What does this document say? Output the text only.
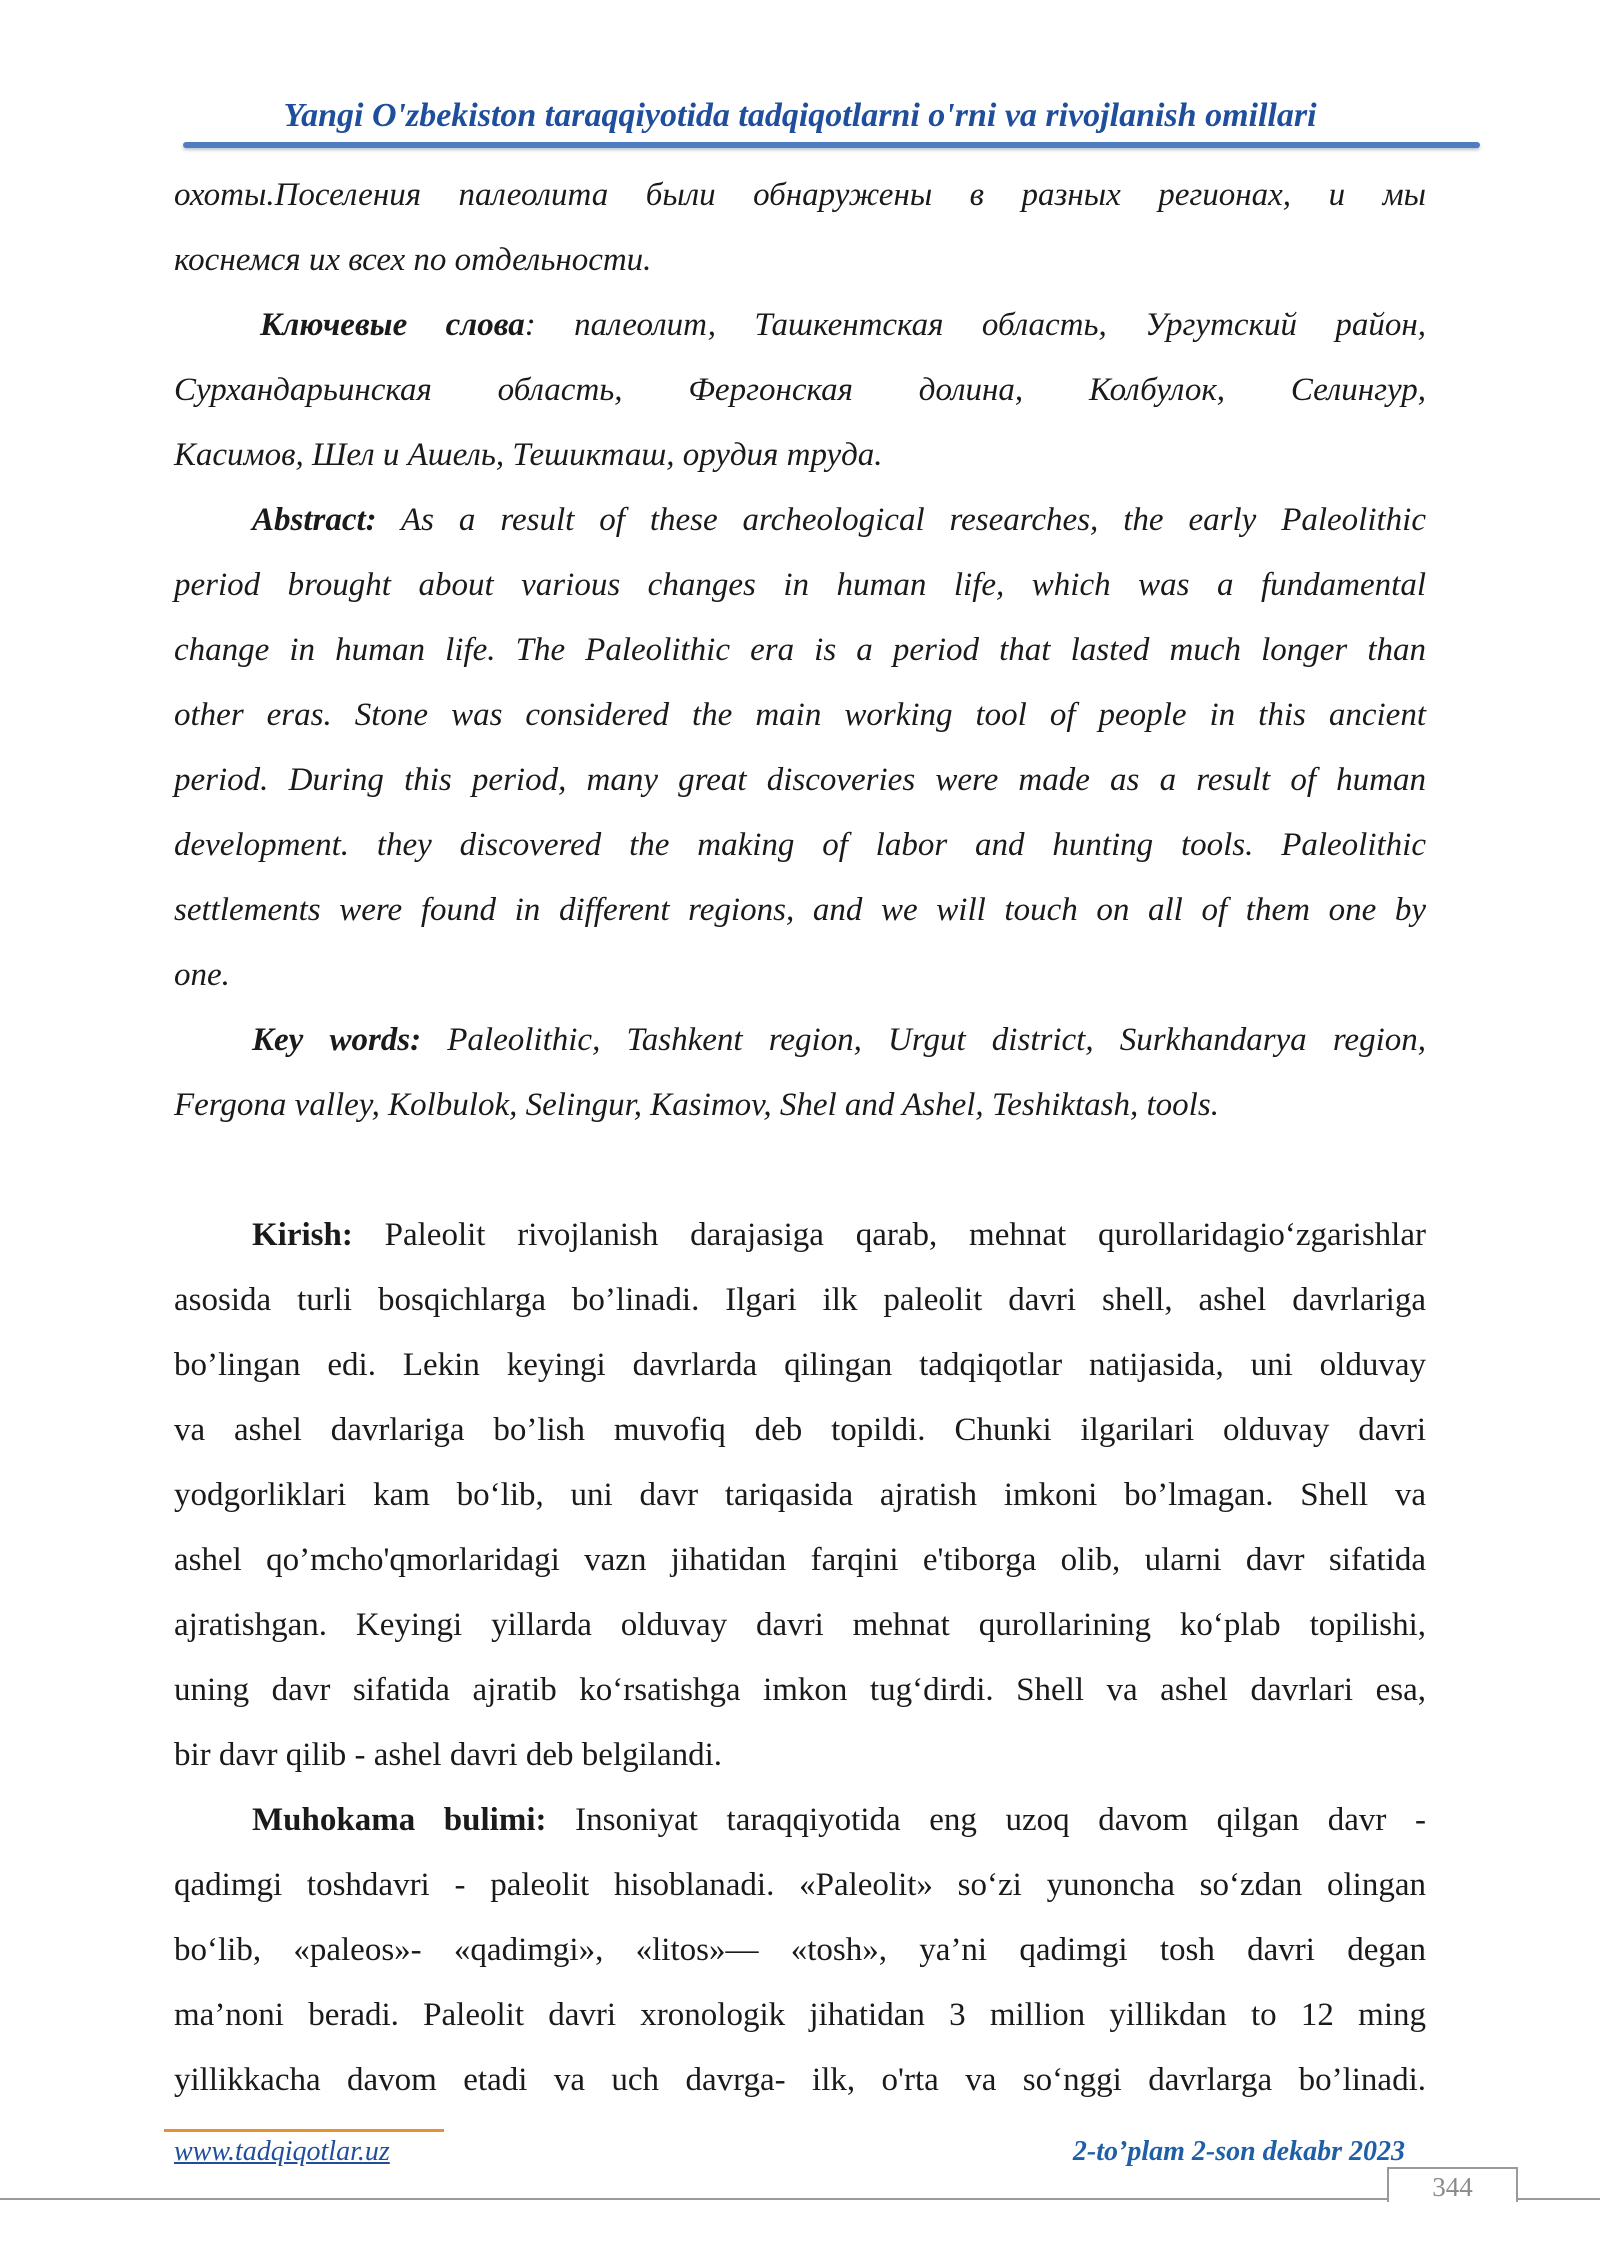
Yangi O'zbekiston taraqqiyotida tadqiqotlarni o'rni va rivojlanish omillari

охоты.Поселения палеолита были обнаружены в разных регионах, и мы

коснемся их всех по отдельности.

Ключевые слова: палеолит, Ташкентская область, Ургутский район,

Сурхандарьинская область, Фергонская долина, Колбулок, Селингур,

Касимов, Шел и Ашель, Тешикташ, орудия труда.

Abstract: As a result of these archeological researches, the early Paleolithic

period brought about various changes in human life, which was a fundamental

change in human life. The Paleolithic era is a period that lasted much longer than

other eras. Stone was considered the main working tool of people in this ancient

period. During this period, many great discoveries were made as a result of human

development. they discovered the making of labor and hunting tools. Paleolithic

settlements were found in different regions, and we will touch on all of them one by

one.

Key words: Paleolithic, Tashkent region, Urgut district, Surkhandarya region,

Fergona valley, Kolbulok, Selingur, Kasimov, Shel and Ashel, Teshiktash, tools.

Kirish: Paleolit rivojlanish darajasiga qarab, mehnat qurollaridagio‘zgarishlar

asosida turli bosqichlarga bo’linadi. Ilgari ilk paleolit davri shell, ashel davrlariga

bo’lingan edi. Lekin keyingi davrlarda qilingan tadqiqotlar natijasida, uni olduvay

va ashel davrlariga bo’lish muvofiq deb topildi. Chunki ilgarilari olduvay davri

yodgorliklari kam bo‘lib, uni davr tariqasida ajratish imkoni bo’lmagan. Shell va

ashel qo’mcho'qmorlaridagi vazn jihatidan farqini e'tiborga olib, ularni davr sifatida

ajratishgan. Keyingi yillarda olduvay davri mehnat qurollarining ko‘plab topilishi,

uning davr sifatida ajratib ko‘rsatishga imkon tug‘dirdi. Shell va ashel davrlari esa,

bir davr qilib - ashel davri deb belgilandi.

Muhokama bulimi: Insoniyat taraqqiyotida eng uzoq davom qilgan davr -

qadimgi toshdavri - paleolit hisoblanadi. «Paleolit» so‘zi yunoncha so‘zdan olingan

bo‘lib, «paleos»- «qadimgi», «litos»— «tosh», ya’ni qadimgi tosh davri degan

ma’noni beradi. Paleolit davri xronologik jihatidan 3 million yillikdan to 12 ming

yillikkacha davom etadi va uch davrga- ilk, o'rta va so‘nggi davrlarga bo’linadi.

www.tadqiqotlar.uz	2-to’plam 2-son dekabr 2023
344
